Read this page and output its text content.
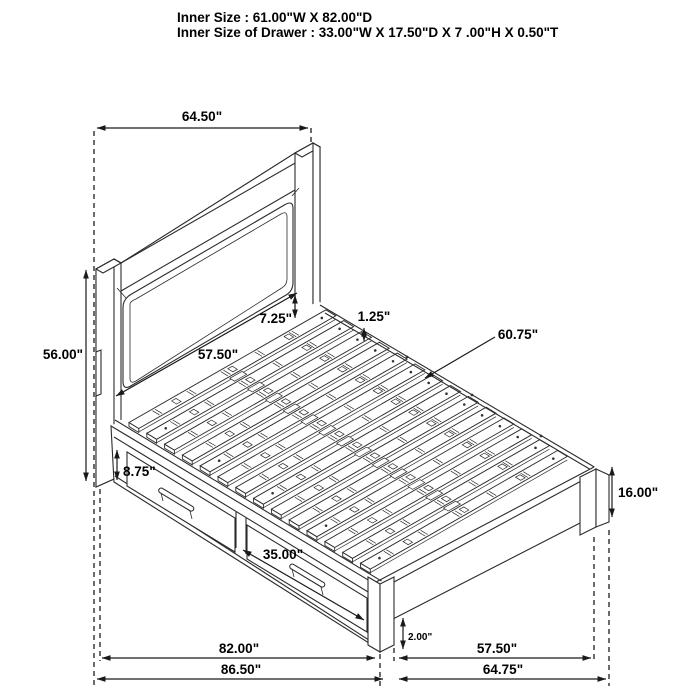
64.50"
56.00"	57.50"
7.25"	1.25"
60.75"
8.75"
16.00"
35.00"
2.00"
82.00"	57.50"
86.50"	64.75"
Inner Size : 61.00"W X 82.00"D
Inner Size of Drawer : 33.00"W X 17.50"D X 7 .00"H X 0.50"T
